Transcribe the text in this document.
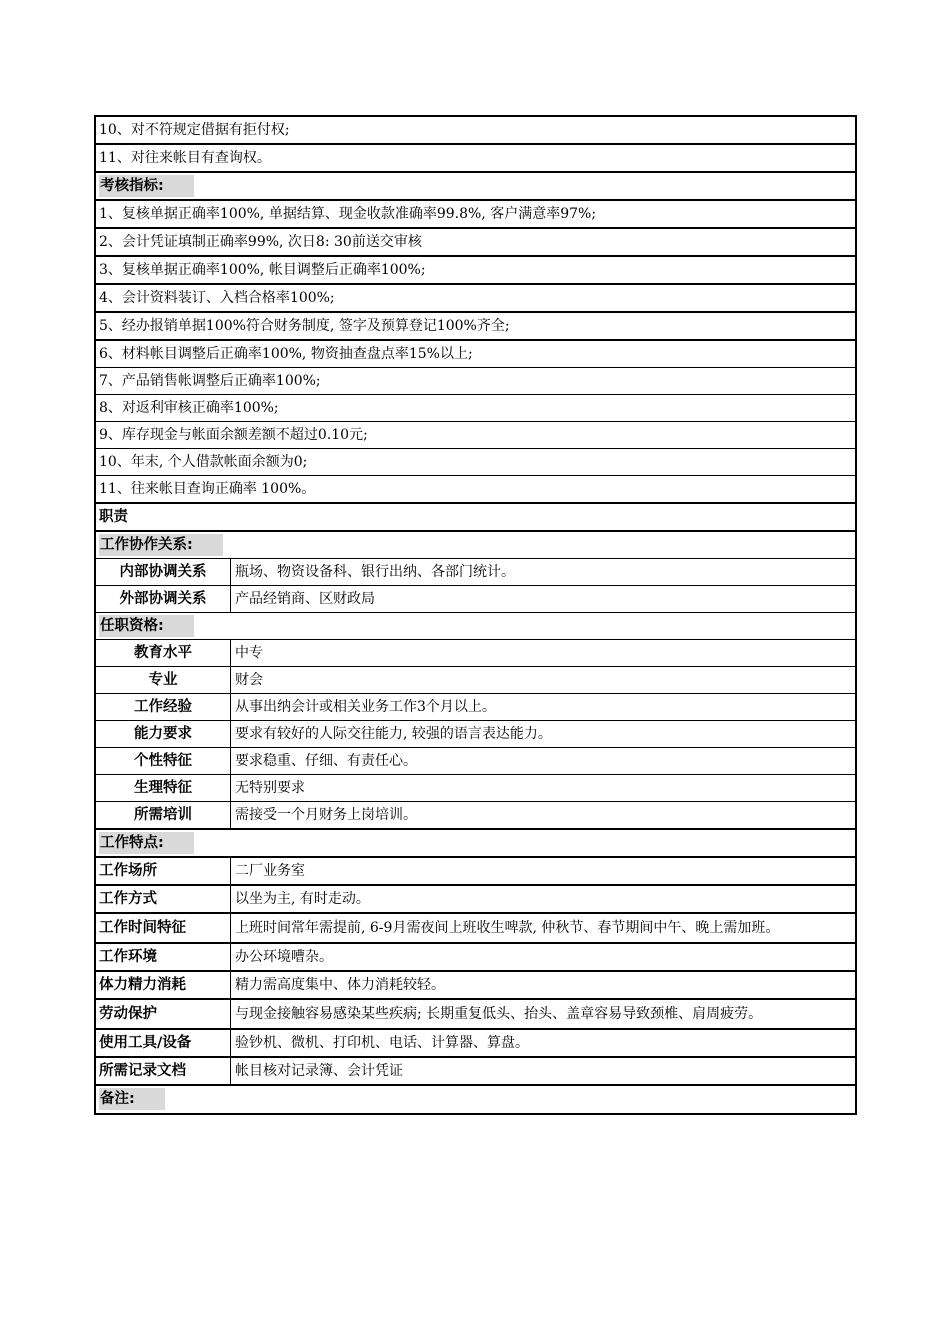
10、对不符规定借据有拒付权;
11、对往来帐目有查询权。
考核指标:
1、复核单据正确率100%, 单据结算、现金收款准确率99.8%, 客户满意率97%;
2、会计凭证填制正确率99%, 次日8: 30前送交审核
3、复核单据正确率100%, 帐目调整后正确率100%;
4、会计资料装订、入档合格率100%;
5、经办报销单据100%符合财务制度, 签字及预算登记100%齐全;
6、材料帐目调整后正确率100%, 物资抽查盘点率15%以上;
7、产品销售帐调整后正确率100%;
8、对返利审核正确率100%;
9、库存现金与帐面余额差额不超过0.10元;
10、年末, 个人借款帐面余额为0;
11、往来帐目查询正确率 100%。
职责
工作协作关系:
内部协调关系	瓶场、物资设备科、银行出纳、各部门统计。
外部协调关系	产品经销商、区财政局
任职资格:
教育水平	中专
专业	财会
工作经验	从事出纳会计或相关业务工作3个月以上。
能力要求	要求有较好的人际交往能力, 较强的语言表达能力。
个性特征	要求稳重、仔细、有责任心。
生理特征	无特别要求
所需培训	需接受一个月财务上岗培训。
工作特点:
工作场所	二厂业务室
工作方式	以坐为主, 有时走动。
工作时间特征	上班时间常年需提前, 6-9月需夜间上班收生啤款, 仲秋节、春节期间中午、晚上需加班。
工作环境	办公环境嘈杂。
体力精力消耗	精力需高度集中、体力消耗较轻。
劳动保护	与现金接触容易感染某些疾病; 长期重复低头、抬头、盖章容易导致颈椎、肩周疲劳。
使用工具/设备	验钞机、微机、打印机、电话、计算器、算盘。
所需记录文档	帐目核对记录簿、会计凭证
备注:
